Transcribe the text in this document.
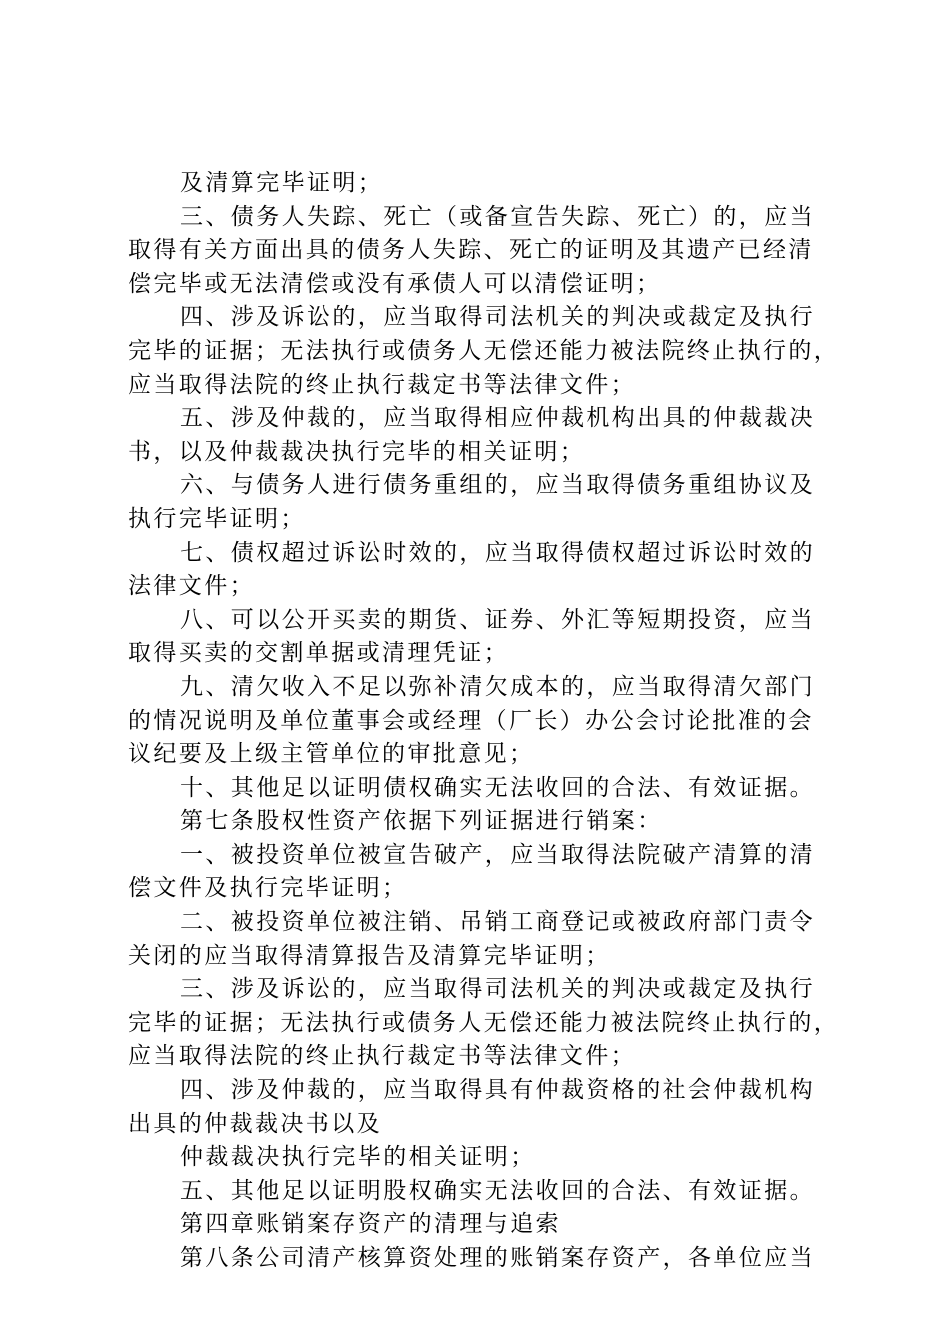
及清算完毕证明；
三、债务人失踪、死亡（或备宣告失踪、死亡）的，应当
取得有关方面出具的债务人失踪、死亡的证明及其遗产已经清
偿完毕或无法清偿或没有承债人可以清偿证明；
四、涉及诉讼的，应当取得司法机关的判决或裁定及执行
完毕的证据；无法执行或债务人无偿还能力被法院终止执行的，
应当取得法院的终止执行裁定书等法律文件；
五、涉及仲裁的，应当取得相应仲裁机构出具的仲裁裁决
书，以及仲裁裁决执行完毕的相关证明；
六、与债务人进行债务重组的，应当取得债务重组协议及
执行完毕证明；
七、债权超过诉讼时效的，应当取得债权超过诉讼时效的
法律文件；
八、可以公开买卖的期货、证券、外汇等短期投资，应当
取得买卖的交割单据或清理凭证；
九、清欠收入不足以弥补清欠成本的，应当取得清欠部门
的情况说明及单位董事会或经理（厂长）办公会讨论批准的会
议纪要及上级主管单位的审批意见；
十、其他足以证明债权确实无法收回的合法、有效证据。
第七条股权性资产依据下列证据进行销案：
一、被投资单位被宣告破产，应当取得法院破产清算的清
偿文件及执行完毕证明；
二、被投资单位被注销、吊销工商登记或被政府部门责令
关闭的应当取得清算报告及清算完毕证明；
三、涉及诉讼的，应当取得司法机关的判决或裁定及执行
完毕的证据；无法执行或债务人无偿还能力被法院终止执行的，
应当取得法院的终止执行裁定书等法律文件；
四、涉及仲裁的，应当取得具有仲裁资格的社会仲裁机构
出具的仲裁裁决书以及
仲裁裁决执行完毕的相关证明；
五、其他足以证明股权确实无法收回的合法、有效证据。
第四章账销案存资产的清理与追索
第八条公司清产核算资处理的账销案存资产，各单位应当
